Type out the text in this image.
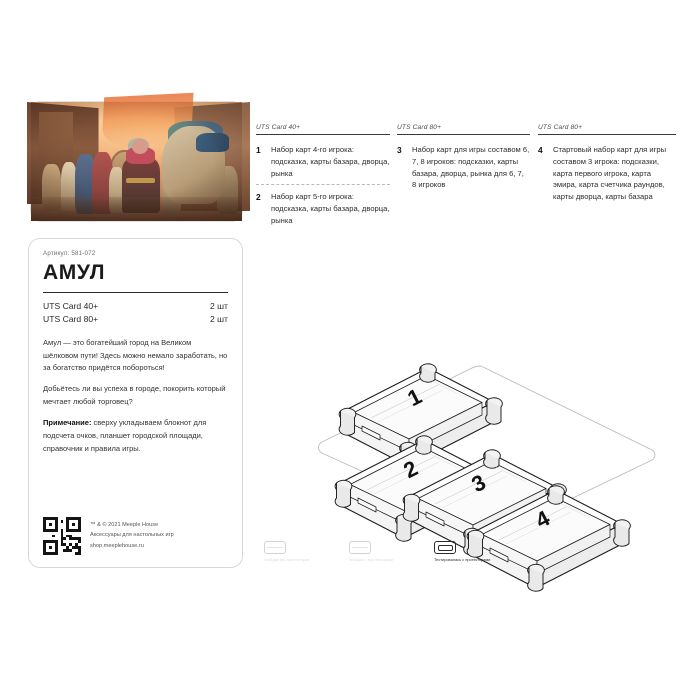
Артикул: 581-072
АМУЛ
UTS Card 40+	2 шт
UTS Card 80+	2 шт

Амул — это богатейший город на Великом шёлковом пути! Здесь можно немало заработать, но за богатство придётся побороться!

Добьётесь ли вы успеха в городе, покорить который мечтает любой торговец?

Примечание: сверху укладываем блокнот для подсчета очков, планшет городской площади, справочник и правила игры.

™ & © 2021 Meeple House
Аксессуары для настольных игр
shop.meeplehouse.ru
UTS Card 40+
1	Набор карт 4-го игрока: подсказка, карты базара, дворца, рынка
2	Набор карт 5-го игрока: подсказка, карты базара, дворца, рынка
UTS Card 80+
3	Набор карт для игры составом 6, 7, 8 игроков: подсказки, карты базара, дворца, рынка для 6, 7, 8 игроков
UTS Card 80+
4	Стартовый набор карт для игры составом 3 игрока: подсказки, карта первого игрока, карта эмира, карта счетчика раундов, карты дворца, карты базара
1
2
3
4
Укладка без протекторов	Укладка с протекторами	Тестировалась с протекторами
